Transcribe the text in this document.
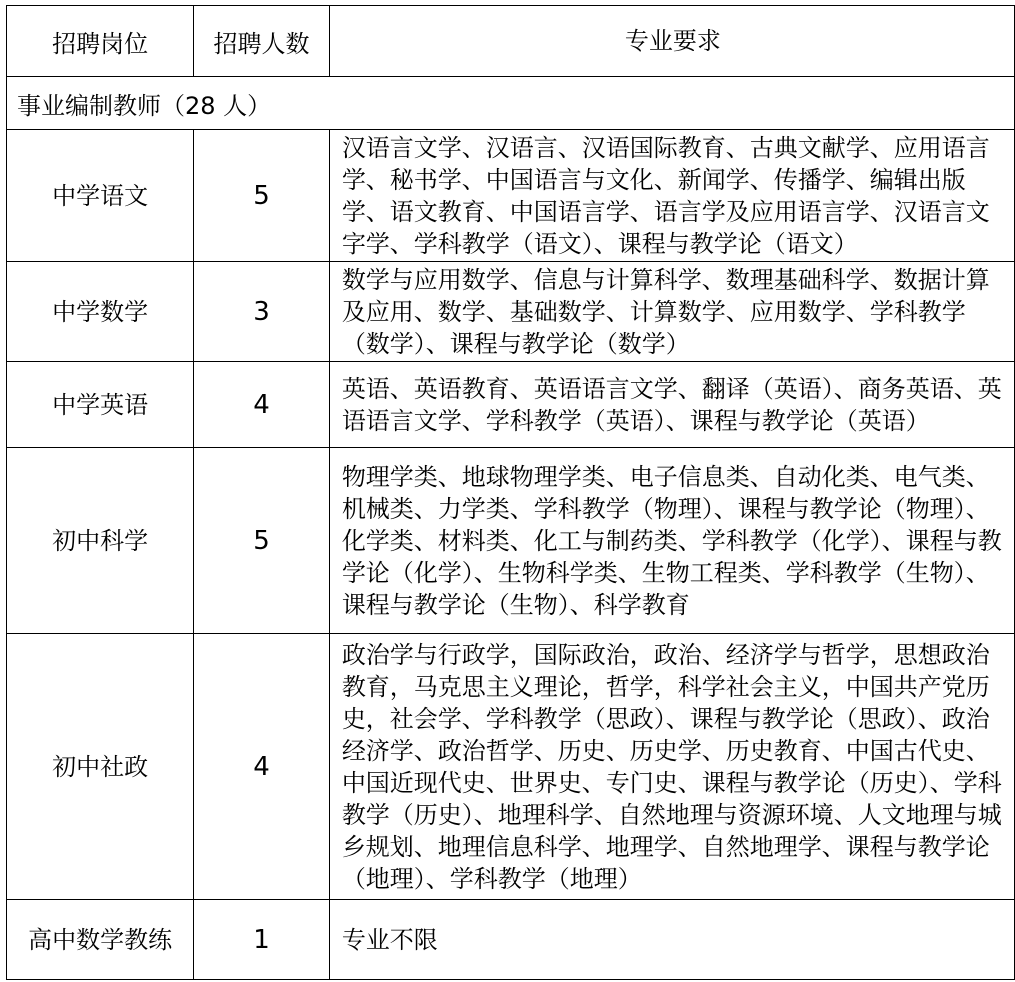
招聘岗位	招聘人数	专业要求
事业编制教师（28 人）		
中学语文	5	汉语言文学、汉语言、汉语国际教育、古典文献学、应用语言学、秘书学、中国语言与文化、新闻学、传播学、编辑出版学、语文教育、中国语言学、语言学及应用语言学、汉语言文字学、学科教学（语文）、课程与教学论（语文）
中学数学	3	数学与应用数学、信息与计算科学、数理基础科学、数据计算及应用、数学、基础数学、计算数学、应用数学、学科教学（数学）、课程与教学论（数学）
中学英语	4	英语、英语教育、英语语言文学、翻译（英语）、商务英语、英语语言文学、学科教学（英语）、课程与教学论（英语）
初中科学	5	物理学类、地球物理学类、电子信息类、自动化类、电气类、机械类、力学类、学科教学（物理）、课程与教学论（物理）、化学类、材料类、化工与制药类、学科教学（化学）、课程与教学论（化学）、生物科学类、生物工程类、学科教学（生物）、课程与教学论（生物）、科学教育
初中社政	4	政治学与行政学，国际政治，政治、经济学与哲学，思想政治教育，马克思主义理论，哲学，科学社会主义，中国共产党历史，社会学、学科教学（思政）、课程与教学论（思政）、政治经济学、政治哲学、历史、历史学、历史教育、中国古代史、中国近现代史、世界史、专门史、课程与教学论（历史）、学科教学（历史）、地理科学、自然地理与资源环境、人文地理与城乡规划、地理信息科学、地理学、自然地理学、课程与教学论（地理）、学科教学（地理）
高中数学教练	1	专业不限
